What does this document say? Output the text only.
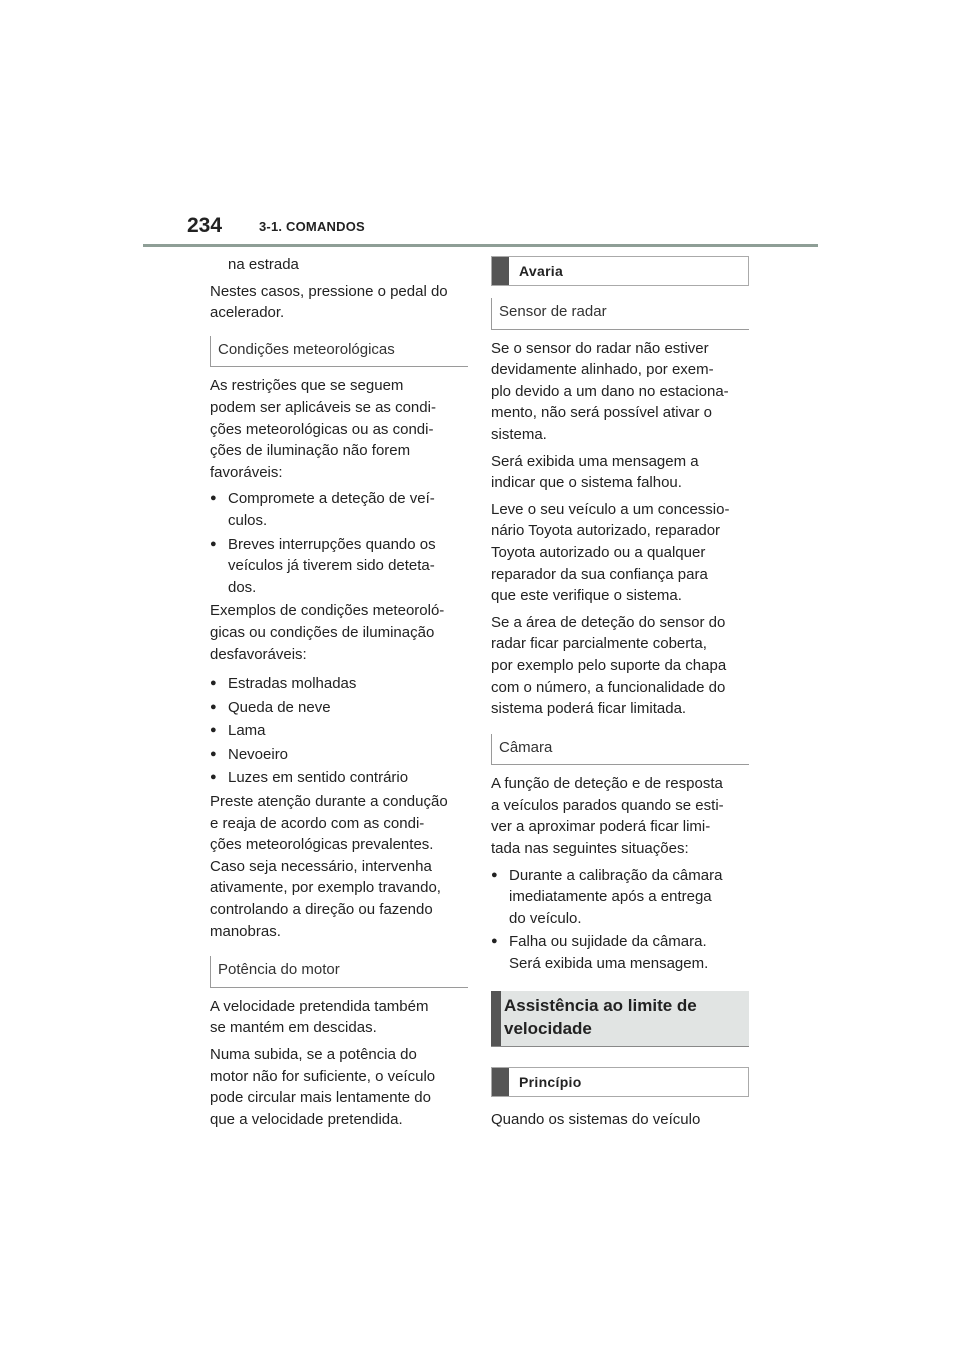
234	3-1. COMANDOS
na estrada
Nestes casos, pressione o pedal do
acelerador.
Condições meteorológicas
As restrições que se seguem
podem ser aplicáveis se as condi-
ções meteorológicas ou as condi-
ções de iluminação não forem
favoráveis:
● Compromete a deteção de veí-
culos.
● Breves interrupções quando os
veículos já tiverem sido deteta-
dos.
Exemplos de condições meteoroló-
gicas ou condições de iluminação
desfavoráveis:
● Estradas molhadas
● Queda de neve
● Lama
● Nevoeiro
● Luzes em sentido contrário
Preste atenção durante a condução
e reaja de acordo com as condi-
ções meteorológicas prevalentes.
Caso seja necessário, intervenha
ativamente, por exemplo travando,
controlando a direção ou fazendo
manobras.
Potência do motor
A velocidade pretendida também
se mantém em descidas.
Numa subida, se a potência do
motor não for suficiente, o veículo
pode circular mais lentamente do
que a velocidade pretendida.
Avaria
Sensor de radar
Se o sensor do radar não estiver
devidamente alinhado, por exem-
plo devido a um dano no estaciona-
mento, não será possível ativar o
sistema.
Será exibida uma mensagem a
indicar que o sistema falhou.
Leve o seu veículo a um concessio-
nário Toyota autorizado, reparador
Toyota autorizado ou a qualquer
reparador da sua confiança para
que este verifique o sistema.
Se a área de deteção do sensor do
radar ficar parcialmente coberta,
por exemplo pelo suporte da chapa
com o número, a funcionalidade do
sistema poderá ficar limitada.
Câmara
A função de deteção e de resposta
a veículos parados quando se esti-
ver a aproximar poderá ficar limi-
tada nas seguintes situações:
● Durante a calibração da câmara
imediatamente após a entrega
do veículo.
● Falha ou sujidade da câmara.
Será exibida uma mensagem.
Assistência ao limite de
velocidade
Princípio
Quando os sistemas do veículo
